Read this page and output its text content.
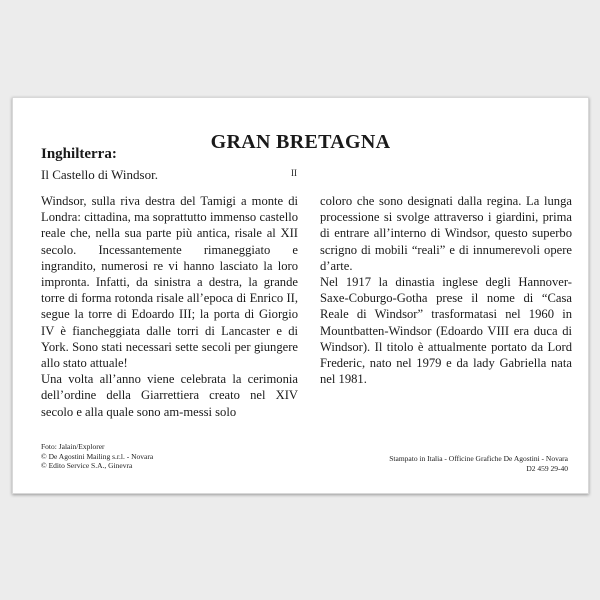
Inghilterra:
Il Castello di Windsor.
GRAN BRETAGNA
II

Windsor, sulla riva destra del Tamigi a monte di Londra: cittadina, ma soprattutto immenso castello reale che, nella sua parte più antica, risale al XII secolo. Incessantemente rimaneggiato e ingrandito, numerosi re vi hanno lasciato la loro impronta. Infatti, da sinistra a destra, la grande torre di forma rotonda risale all’epoca di Enrico II, segue la torre di Edoardo III; la porta di Giorgio IV è fiancheggiata dalle torri di Lancaster e di York. Sono stati necessari sette secoli per giungere allo stato attuale!

Una volta all’anno viene celebrata la cerimonia dell’ordine della Giarrettiera creato nel XIV secolo e alla quale sono am-messi solo

coloro che sono designati dalla regina. La lunga processione si svolge attraverso i giardini, prima di entrare all’interno di Windsor, questo superbo scrigno di mobili “reali” e di innumerevoli opere d’arte.

Nel 1917 la dinastia inglese degli Hannover-Saxe-Coburgo-Gotha prese il nome di “Casa Reale di Windsor” trasformatasi nel 1960 in Mountbatten-Windsor (Edoardo VIII era duca di Windsor). Il titolo è attualmente portato da Lord Frederic, nato nel 1979 e da lady Gabriella nata nel 1981.

Foto: Jalain/Explorer
© De Agostini Mailing s.r.l. - Novara
© Edito Service S.A., Ginevra
Stampato in Italia - Officine Grafiche De Agostini - Novara
D2 459 29-40
